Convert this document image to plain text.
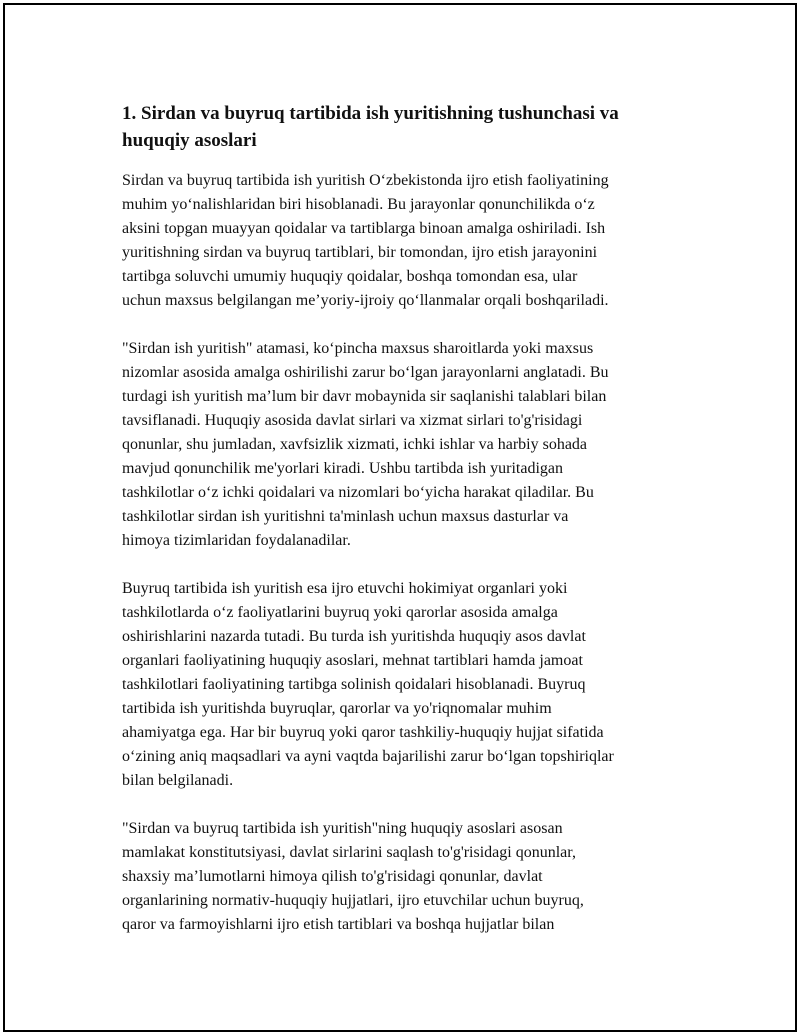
1. Sirdan va buyruq tartibida ish yuritishning tushunchasi va
huquqiy asoslari

Sirdan va buyruq tartibida ish yuritish O‘zbekistonda ijro etish faoliyatining
muhim yo‘nalishlaridan biri hisoblanadi. Bu jarayonlar qonunchilikda o‘z
aksini topgan muayyan qoidalar va tartiblarga binoan amalga oshiriladi. Ish
yuritishning sirdan va buyruq tartiblari, bir tomondan, ijro etish jarayonini
tartibga soluvchi umumiy huquqiy qoidalar, boshqa tomondan esa, ular
uchun maxsus belgilangan me’yoriy-ijroiy qo‘llanmalar orqali boshqariladi.

"Sirdan ish yuritish" atamasi, ko‘pincha maxsus sharoitlarda yoki maxsus
nizomlar asosida amalga oshirilishi zarur bo‘lgan jarayonlarni anglatadi. Bu
turdagi ish yuritish ma’lum bir davr mobaynida sir saqlanishi talablari bilan
tavsiflanadi. Huquqiy asosida davlat sirlari va xizmat sirlari to'g'risidagi
qonunlar, shu jumladan, xavfsizlik xizmati, ichki ishlar va harbiy sohada
mavjud qonunchilik me'yorlari kiradi. Ushbu tartibda ish yuritadigan
tashkilotlar o‘z ichki qoidalari va nizomlari bo‘yicha harakat qiladilar. Bu
tashkilotlar sirdan ish yuritishni ta'minlash uchun maxsus dasturlar va
himoya tizimlaridan foydalanadilar.

Buyruq tartibida ish yuritish esa ijro etuvchi hokimiyat organlari yoki
tashkilotlarda o‘z faoliyatlarini buyruq yoki qarorlar asosida amalga
oshirishlarini nazarda tutadi. Bu turda ish yuritishda huquqiy asos davlat
organlari faoliyatining huquqiy asoslari, mehnat tartiblari hamda jamoat
tashkilotlari faoliyatining tartibga solinish qoidalari hisoblanadi. Buyruq
tartibida ish yuritishda buyruqlar, qarorlar va yo'riqnomalar muhim
ahamiyatga ega. Har bir buyruq yoki qaror tashkiliy-huquqiy hujjat sifatida
o‘zining aniq maqsadlari va ayni vaqtda bajarilishi zarur bo‘lgan topshiriqlar
bilan belgilanadi.

"Sirdan va buyruq tartibida ish yuritish"ning huquqiy asoslari asosan
mamlakat konstitutsiyasi, davlat sirlarini saqlash to'g'risidagi qonunlar,
shaxsiy ma’lumotlarni himoya qilish to'g'risidagi qonunlar, davlat
organlarining normativ-huquqiy hujjatlari, ijro etuvchilar uchun buyruq,
qaror va farmoyishlarni ijro etish tartiblari va boshqa hujjatlar bilan
